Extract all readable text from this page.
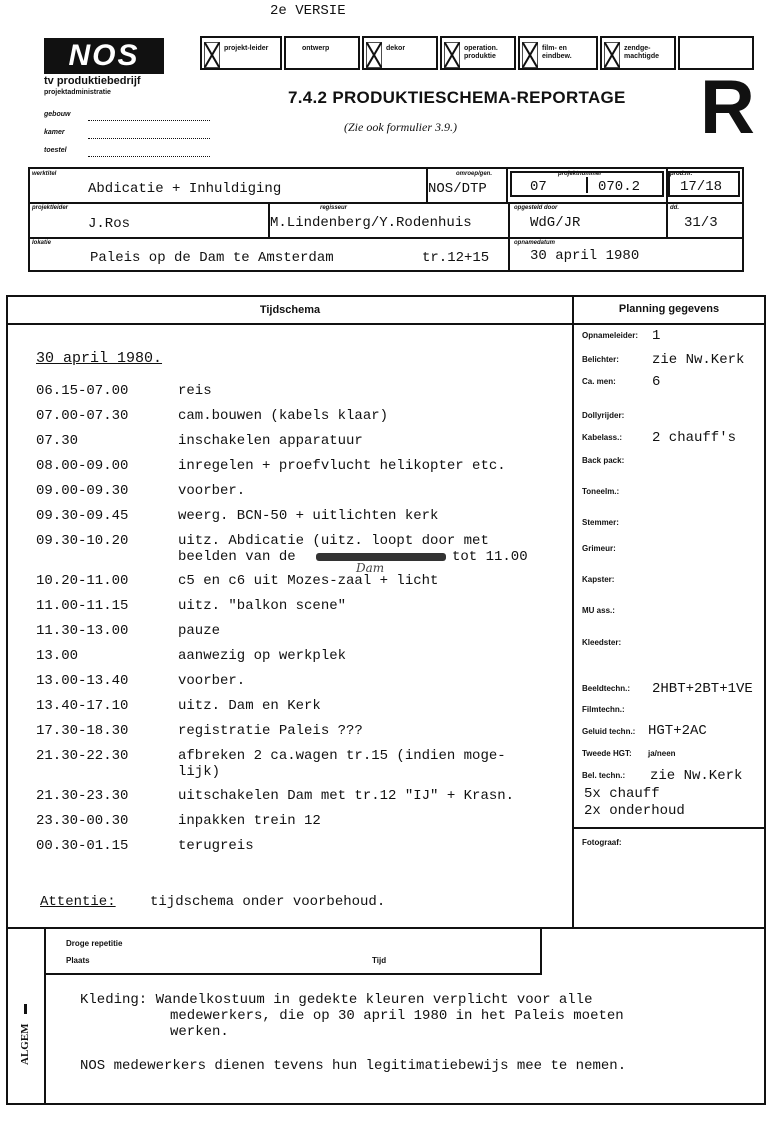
2e VERSIE
NOS
tv produktiebedrijf
projektadministratie
gebouw
kamer
toestel
projekt-leider	ontwerp	dekor	operation. produktie
film- en eindbew.
zendge-machtigde
7.4.2 PRODUKTIESCHEMA-REPORTAGE
(Zie ook formulier 3.9.)	R
werktitel
Abdicatie + Inhuldiging
omroep/gen.
NOS/DTP
projektnummer
07	070.2
prod.nr.
17/18
projektleider
J.Ros
regisseur
M.Lindenberg/Y.Rodenhuis
opgesteld door
WdG/JR
dd.
31/3
lokatie
Paleis op de Dam te Amsterdam	tr.12+15
opnamedatum
30 april 1980
Tijdschema	Planning gegevens
30 april 1980.
06.15-07.00	reis
07.00-07.30	cam.bouwen (kabels klaar)
07.30	inschakelen apparatuur
08.00-09.00	inregelen + proefvlucht helikopter etc.
09.00-09.30	voorber.
09.30-09.45	weerg. BCN-50 + uitlichten kerk
09.30-10.20	uitz. Abdicatie (uitz. loopt door met
beelden van de	tot 11.00
Dam
10.20-11.00	c5 en c6 uit Mozes-zaal + licht
11.00-11.15	uitz. "balkon scene"
11.30-13.00	pauze
13.00	aanwezig op werkplek
13.00-13.40	voorber.
13.40-17.10	uitz. Dam en Kerk
17.30-18.30	registratie Paleis ???
21.30-22.30	afbreken 2 ca.wagen tr.15 (indien moge-
lijk)
21.30-23.30	uitschakelen Dam met tr.12 "IJ" + Krasn.
23.30-00.30	inpakken trein 12
00.30-01.15	terugreis
Attentie: tijdschema onder voorbehoud.
Opnameleider: 1
Belichter: zie Nw.Kerk
Ca. men:	6
Dollyrijder:
Kabelass.: 2 chauff's
Back pack:
Toneelm.:
Stemmer:
Grimeur:
Kapster:
MU ass.:
Kleedster:
Beeldtechn.: 2HBT+2BT+1VE
Filmtechn.:
Geluid techn.: HGT+2AC
Tweede HGT: ja/neen
Bel. techn.: zie Nw.Kerk
5x chauff
2x onderhoud
Fotograaf:
ALGEM
Droge repetitie
Plaats	Tijd
Kleding: Wandelkostuum in gedekte kleuren verplicht voor alle
medewerkers, die op 30 april 1980 in het Paleis moeten
werken.
NOS medewerkers dienen tevens hun legitimatiebewijs mee te nemen.
